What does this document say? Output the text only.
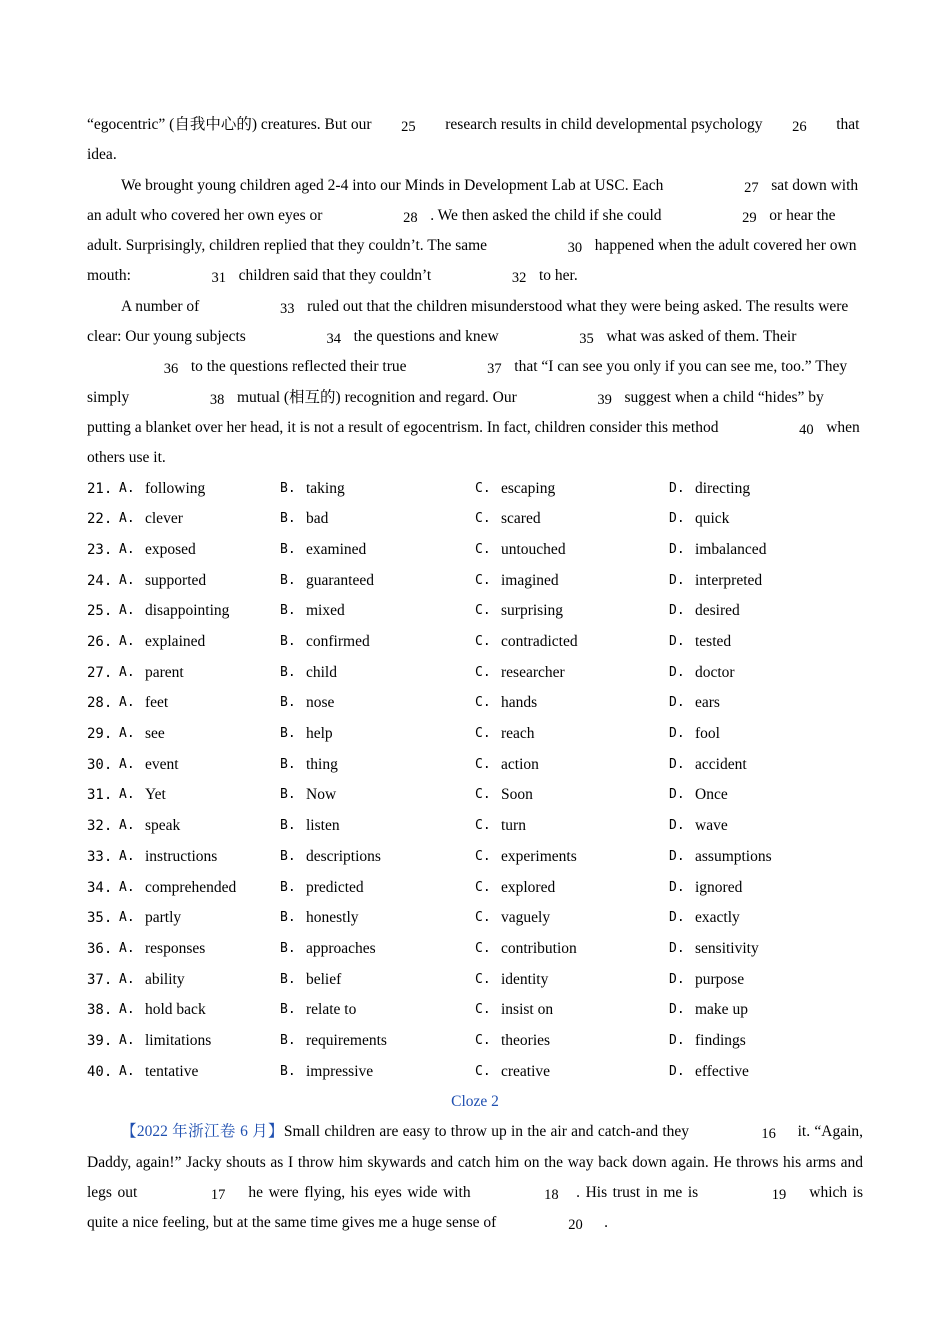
“egocentric” (自我中心的) creatures. But our 25 research results in child developmental psychology 26 that idea.

We brought young children aged 2-4 into our Minds in Development Lab at USC. Each	27 sat down with an adult who covered her own eyes or	28 . We then asked the child if she could	29 or hear the adult. Surprisingly, children replied that they couldn’t. The same	30 happened when the adult covered her own mouth:	31 children said that they couldn’t	32 to her.

A number of	33 ruled out that the children misunderstood what they were being asked. The results were clear: Our young subjects	34 the questions and knew	35 what was asked of them. Their 36 to the questions reflected their true	37 that “I can see you only if you can see me, too.” They simply	38 mutual (相互的) recognition and regard. Our	39 suggest when a child “hides” by putting a blanket over her head, it is not a result of egocentrism. In fact, children consider this method	40 when others use it.

21. A. following	B. taking	C. escaping	D. directing
22. A. clever	B. bad	C. scared	D. quick
23. A. exposed	B. examined	C. untouched	D. imbalanced
24. A. supported	B. guaranteed	C. imagined	D. interpreted
25. A. disappointing	B. mixed	C. surprising	D. desired
26. A. explained	B. confirmed	C. contradicted	D. tested
27. A. parent	B. child	C. researcher	D. doctor
28. A. feet	B. nose	C. hands	D. ears
29. A. see	B. help	C. reach	D. fool
30. A. event	B. thing	C. action	D. accident
31. A. Yet	B. Now	C. Soon	D. Once
32. A. speak	B. listen	C. turn	D. wave
33. A. instructions	B. descriptions	C. experiments	D. assumptions
34. A. comprehended	B. predicted	C. explored	D. ignored
35. A. partly	B. honestly	C. vaguely	D. exactly
36. A. responses	B. approaches	C. contribution	D. sensitivity
37. A. ability	B. belief	C. identity	D. purpose
38. A. hold back	B. relate to	C. insist on	D. make up
39. A. limitations	B. requirements	C. theories	D. findings
40. A. tentative	B. impressive	C. creative	D. effective
Cloze 2

【2022 年浙江卷 6 月】Small children are easy to throw up in the air and catch-and they	16 it. “Again, Daddy, again!” Jacky shouts as I throw him skywards and catch him on the way back down again. He throws his arms and legs out	17 he were flying, his eyes wide with	18 . His trust in me is	19 which is quite a nice feeling, but at the same time gives me a huge sense of	20 .
